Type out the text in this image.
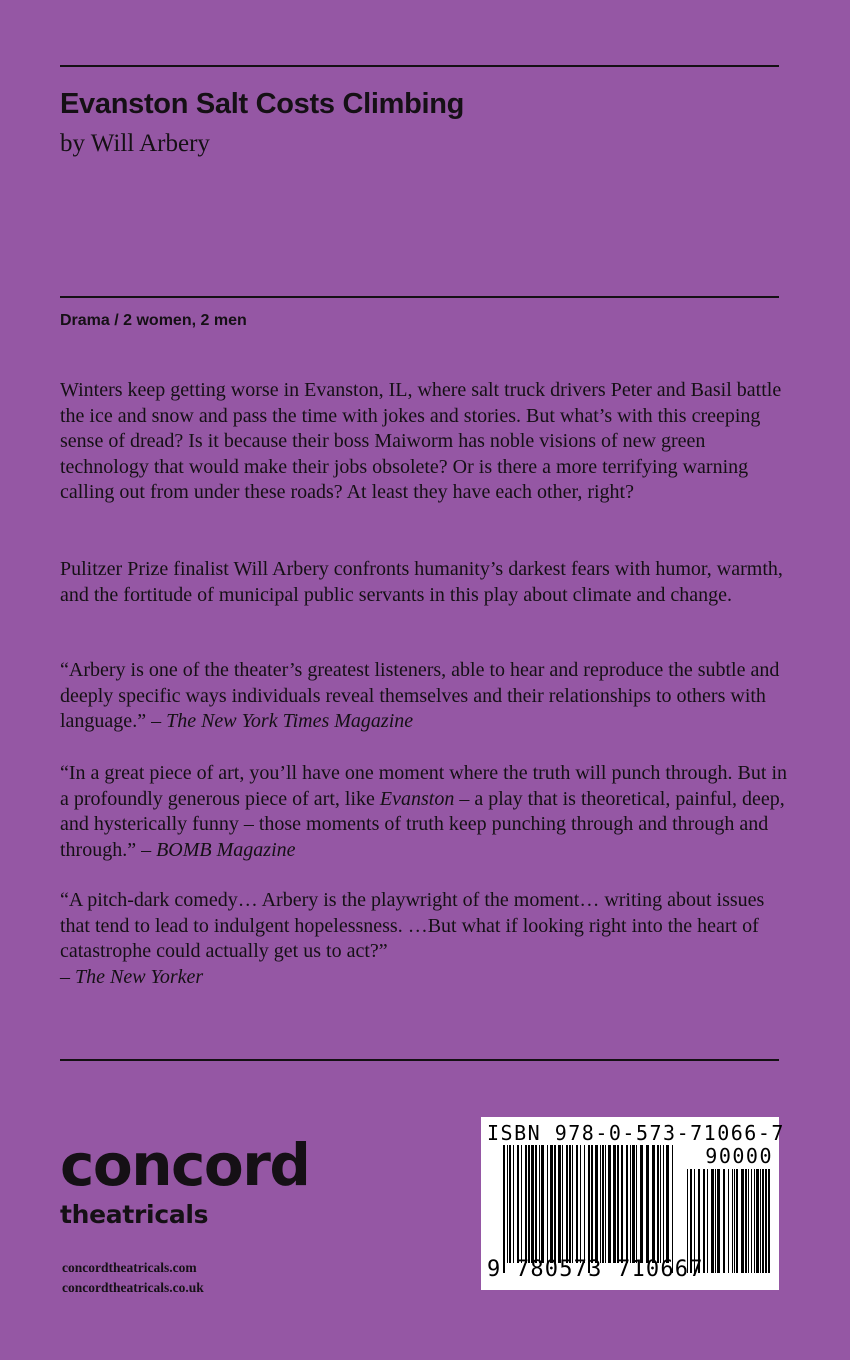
Evanston Salt Costs Climbing

by Will Arbery

Drama / 2 women, 2 men

Winters keep getting worse in Evanston, IL, where salt truck drivers Peter and Basil battle the ice and snow and pass the time with jokes and stories. But what’s with this creeping sense of dread? Is it because their boss Maiworm has noble visions of new green technology that would make their jobs obsolete? Or is there a more terrifying warning calling out from under these roads? At least they have each other, right?

Pulitzer Prize finalist Will Arbery confronts humanity’s darkest fears with humor, warmth, and the fortitude of municipal public servants in this play about climate and change.

“Arbery is one of the theater’s greatest listeners, able to hear and reproduce the subtle and deeply specific ways individuals reveal themselves and their relationships to others with language.” – The New York Times Magazine

“In a great piece of art, you’ll have one moment where the truth will punch through. But in a profoundly generous piece of art, like Evanston – a play that is theoretical, painful, deep, and hysterically funny – those moments of truth keep punching through and through and through.” – BOMB Magazine

“A pitch-dark comedy… Arbery is the playwright of the moment… writing about issues that tend to lead to indulgent hopelessness. …But what if looking right into the heart of catastrophe could actually get us to act?”
– The New Yorker

concord
theatricals
concordtheatricals.com
concordtheatricals.co.uk
ISBN 978-0-573-71066-7
90000
9 780573 710667
